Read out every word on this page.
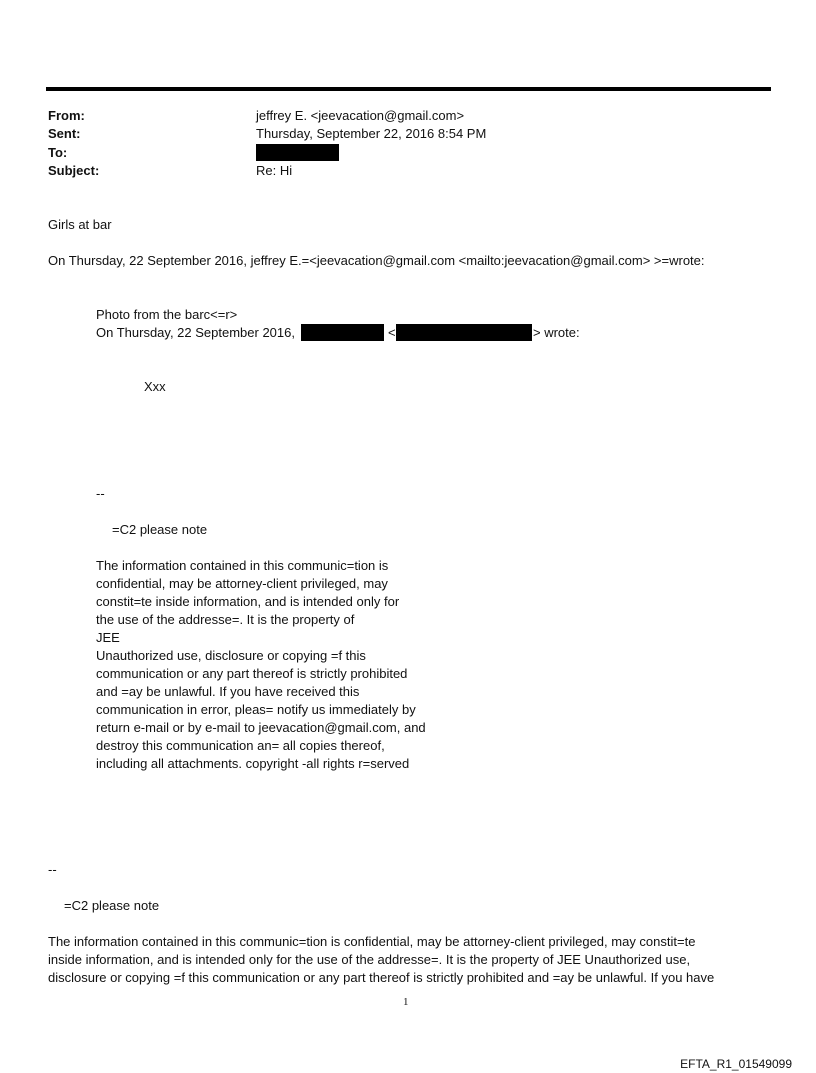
From:	jeffrey E. <jeevacation@gmail.com>
Sent:	Thursday, September 22, 2016 8:54 PM
To:
Subject:	Re: Hi
Girls at bar
On Thursday, 22 September 2016, jeffrey E.=<jeevacation@gmail.com <mailto:jeevacation@gmail.com> >=wrote:
Photo from the barc<=r>
On Thursday, 22 September 2016,	<	> wrote:
Xxx
--
=C2 please note
The information contained in this communic=tion is
confidential, may be attorney-client privileged, may
constit=te inside information, and is intended only for
the use of the addresse=. It is the property of
JEE
Unauthorized use, disclosure or copying =f this
communication or any part thereof is strictly prohibited
and =ay be unlawful. If you have received this
communication in error, pleas= notify us immediately by
return e-mail or by e-mail to jeevacation@gmail.com, and
destroy this communication an= all copies thereof,
including all attachments. copyright -all rights r=served
--
=C2 please note
The information contained in this communic=tion is confidential, may be attorney-client privileged, may constit=te
inside information, and is intended only for the use of the addresse=. It is the property of JEE Unauthorized use,
disclosure or copying =f this communication or any part thereof is strictly prohibited and =ay be unlawful. If you have
1
EFTA_R1_01549099
